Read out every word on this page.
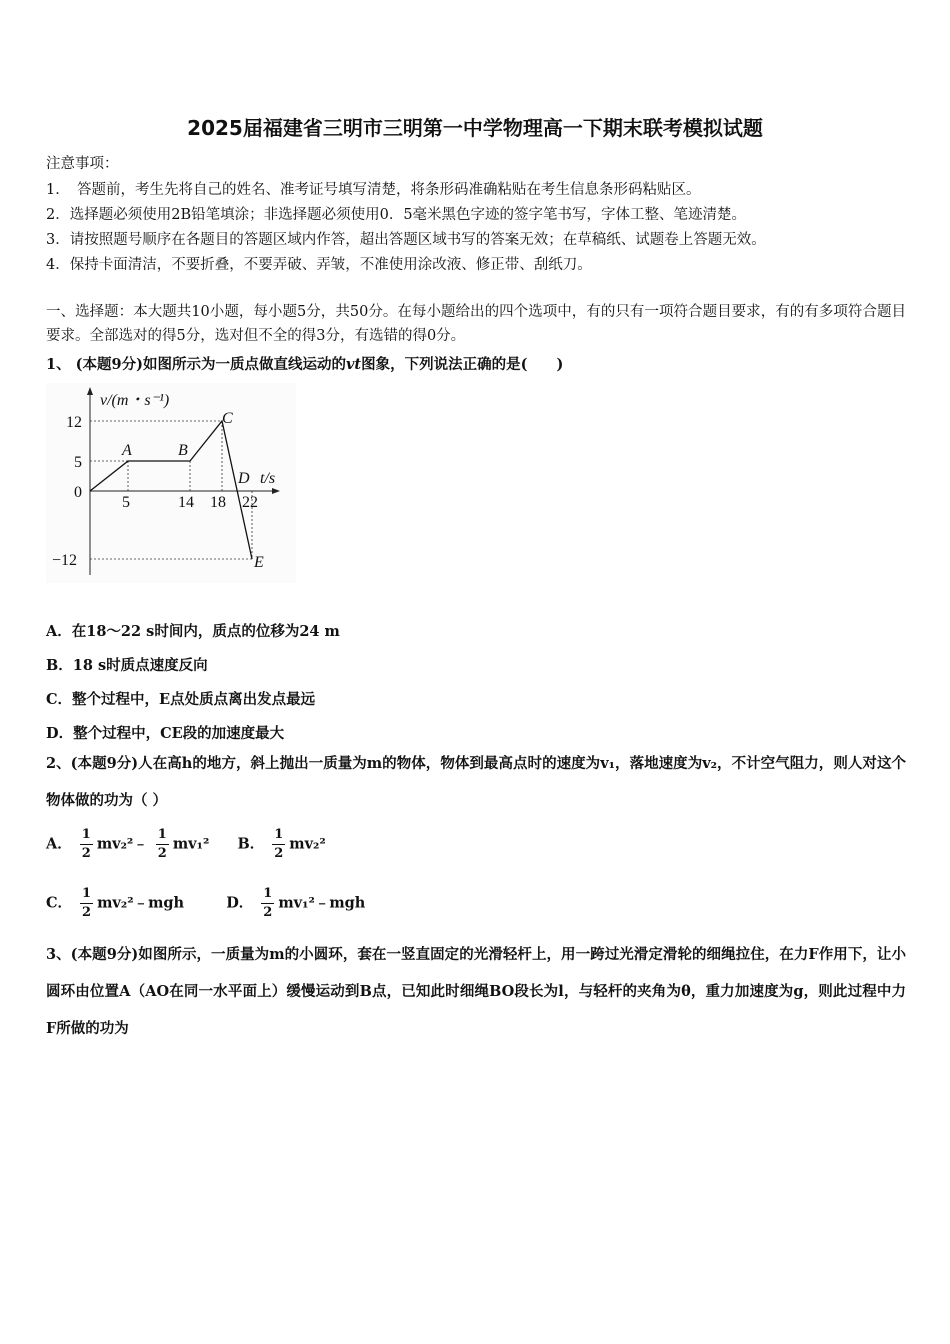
2025届福建省三明市三明第一中学物理高一下期末联考模拟试题
注意事项：
1．　答题前，考生先将自己的姓名、准考证号填写清楚，将条形码准确粘贴在考生信息条形码粘贴区。
2．选择题必须使用2B铅笔填涂；非选择题必须使用0．5毫米黑色字迹的签字笔书写，字体工整、笔迹清楚。
3．请按照题号顺序在各题目的答题区域内作答，超出答题区域书写的答案无效；在草稿纸、试题卷上答题无效。
4．保持卡面清洁，不要折叠，不要弄破、弄皱，不准使用涂改液、修正带、刮纸刀。
一、选择题：本大题共10小题，每小题5分，共50分。在每小题给出的四个选项中，有的只有一项符合题目要求，有的有多项符合题目要求。全部选对的得5分，选对但不全的得3分，有选错的得0分。
1、 (本题9分)如图所示为一质点做直线运动的vt图象，下列说法正确的是(　　)
v/(m・s⁻¹)
t/s
12
5
0
−12
5	14 18 22
A	B
C
D
E
A．在18～22 s时间内，质点的位移为24 m
B．18 s时质点速度反向
C．整个过程中，E点处质点离出发点最远
D．整个过程中，CE段的加速度最大
2、(本题9分)人在高h的地方，斜上抛出一质量为m的物体，物体到最高点时的速度为v₁，落地速度为v₂，不计空气阻力，则人对这个物体做的功为（ ）
A． $\frac{1}{2}$ mv₂²﹣ $\frac{1}{2} mv_1^2$ B． $\frac{1}{2} mv_2^2$
C． $\frac{1}{2}$ mv₂²﹣mgh	D． $\frac{1}{2}$ mv₁²﹣mgh
3、(本题9分)如图所示，一质量为m的小圆环，套在一竖直固定的光滑轻杆上，用一跨过光滑定滑轮的细绳拉住，在力F作用下，让小圆环由位置A（AO在同一水平面上）缓慢运动到B点，已知此时细绳BO段长为l，与轻杆的夹角为θ，重力加速度为g，则此过程中力F所做的功为
